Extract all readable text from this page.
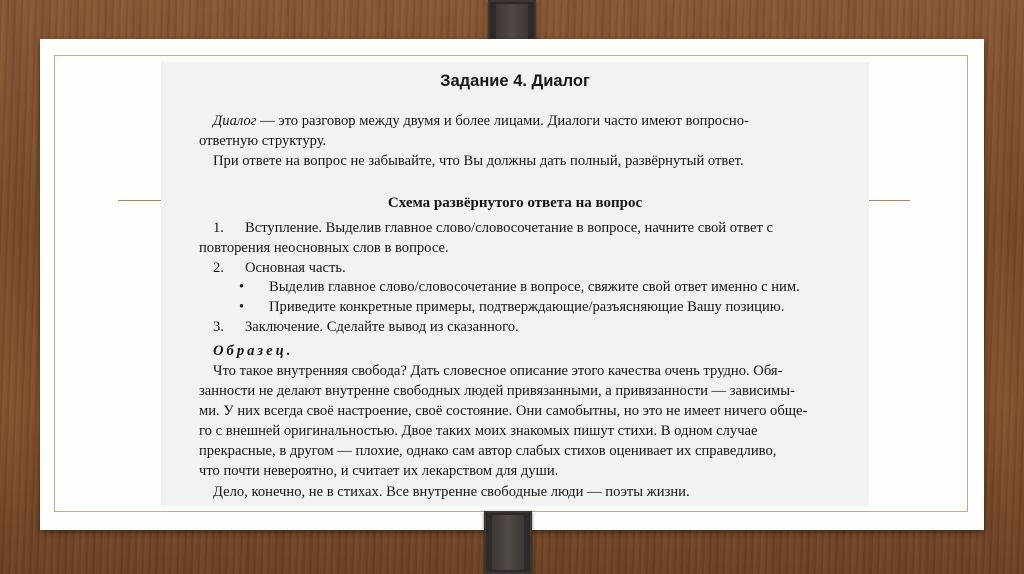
Задание 4. Диалог
Диалог — это разговор между двумя и более лицами. Диалоги часто имеют вопросно-
ответную структуру.
При ответе на вопрос не забывайте, что Вы должны дать полный, развёрнутый ответ.
Схема развёрнутого ответа на вопрос
1. Вступление. Выделив главное слово/словосочетание в вопросе, начните свой ответ с
повторения неосновных слов в вопросе.
2. Основная часть.
• Выделив главное слово/словосочетание в вопросе, свяжите свой ответ именно с ним.
• Приведите конкретные примеры, подтверждающие/разъясняющие Вашу позицию.
3. Заключение. Сделайте вывод из сказанного.
Образец.
Что такое внутренняя свобода? Дать словесное описание этого качества очень трудно. Обя-
занности не делают внутренне свободных людей привязанными, а привязанности — зависимы-
ми. У них всегда своё настроение, своё состояние. Они самобытны, но это не имеет ничего обще-
го с внешней оригинальностью. Двое таких моих знакомых пишут стихи. В одном случае
прекрасные, в другом — плохие, однако сам автор слабых стихов оценивает их справедливо,
что почти невероятно, и считает их лекарством для души.
Дело, конечно, не в стихах. Все внутренне свободные люди — поэты жизни.
